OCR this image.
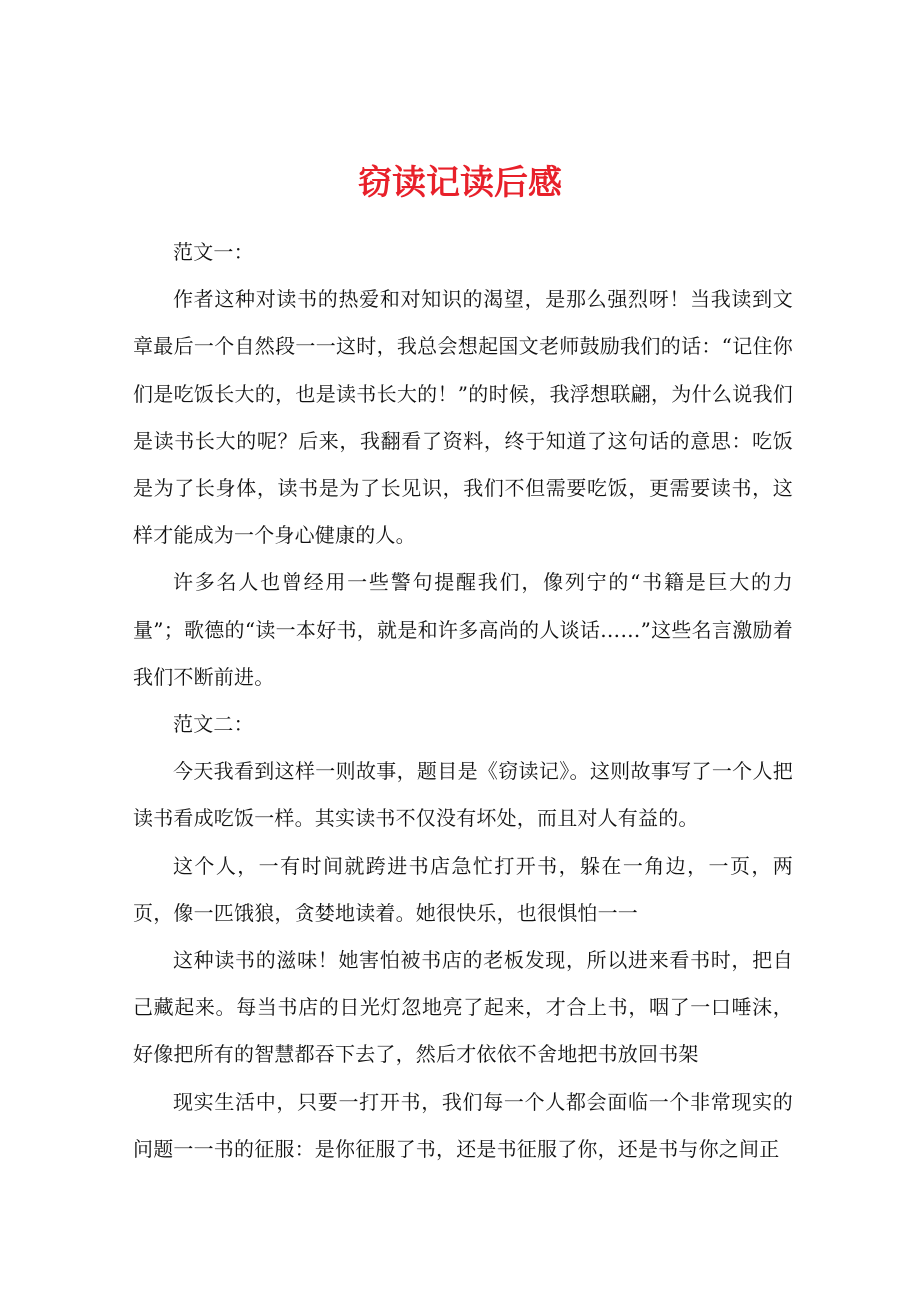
窃读记读后感

范文一：

作者这种对读书的热爱和对知识的渴望，是那么强烈呀！当我读到文章最后一个自然段一一这时，我总会想起国文老师鼓励我们的话：“记住你们是吃饭长大的，也是读书长大的！”的时候，我浮想联翩，为什么说我们是读书长大的呢？后来，我翻看了资料，终于知道了这句话的意思：吃饭是为了长身体，读书是为了长见识，我们不但需要吃饭，更需要读书，这样才能成为一个身心健康的人。

许多名人也曾经用一些警句提醒我们，像列宁的“书籍是巨大的力量”；歌德的“读一本好书，就是和许多高尚的人谈话……”这些名言激励着我们不断前进。

范文二：

今天我看到这样一则故事，题目是《窃读记》。这则故事写了一个人把读书看成吃饭一样。其实读书不仅没有坏处，而且对人有益的。

这个人，一有时间就跨进书店急忙打开书，躲在一角边，一页，两页，像一匹饿狼，贪婪地读着。她很快乐，也很惧怕一一

这种读书的滋味！她害怕被书店的老板发现，所以进来看书时，把自己藏起来。每当书店的日光灯忽地亮了起来，才合上书，咽了一口唾沫，好像把所有的智慧都吞下去了，然后才依依不舍地把书放回书架

现实生活中，只要一打开书，我们每一个人都会面临一个非常现实的问题一一书的征服：是你征服了书，还是书征服了你，还是书与你之间正
